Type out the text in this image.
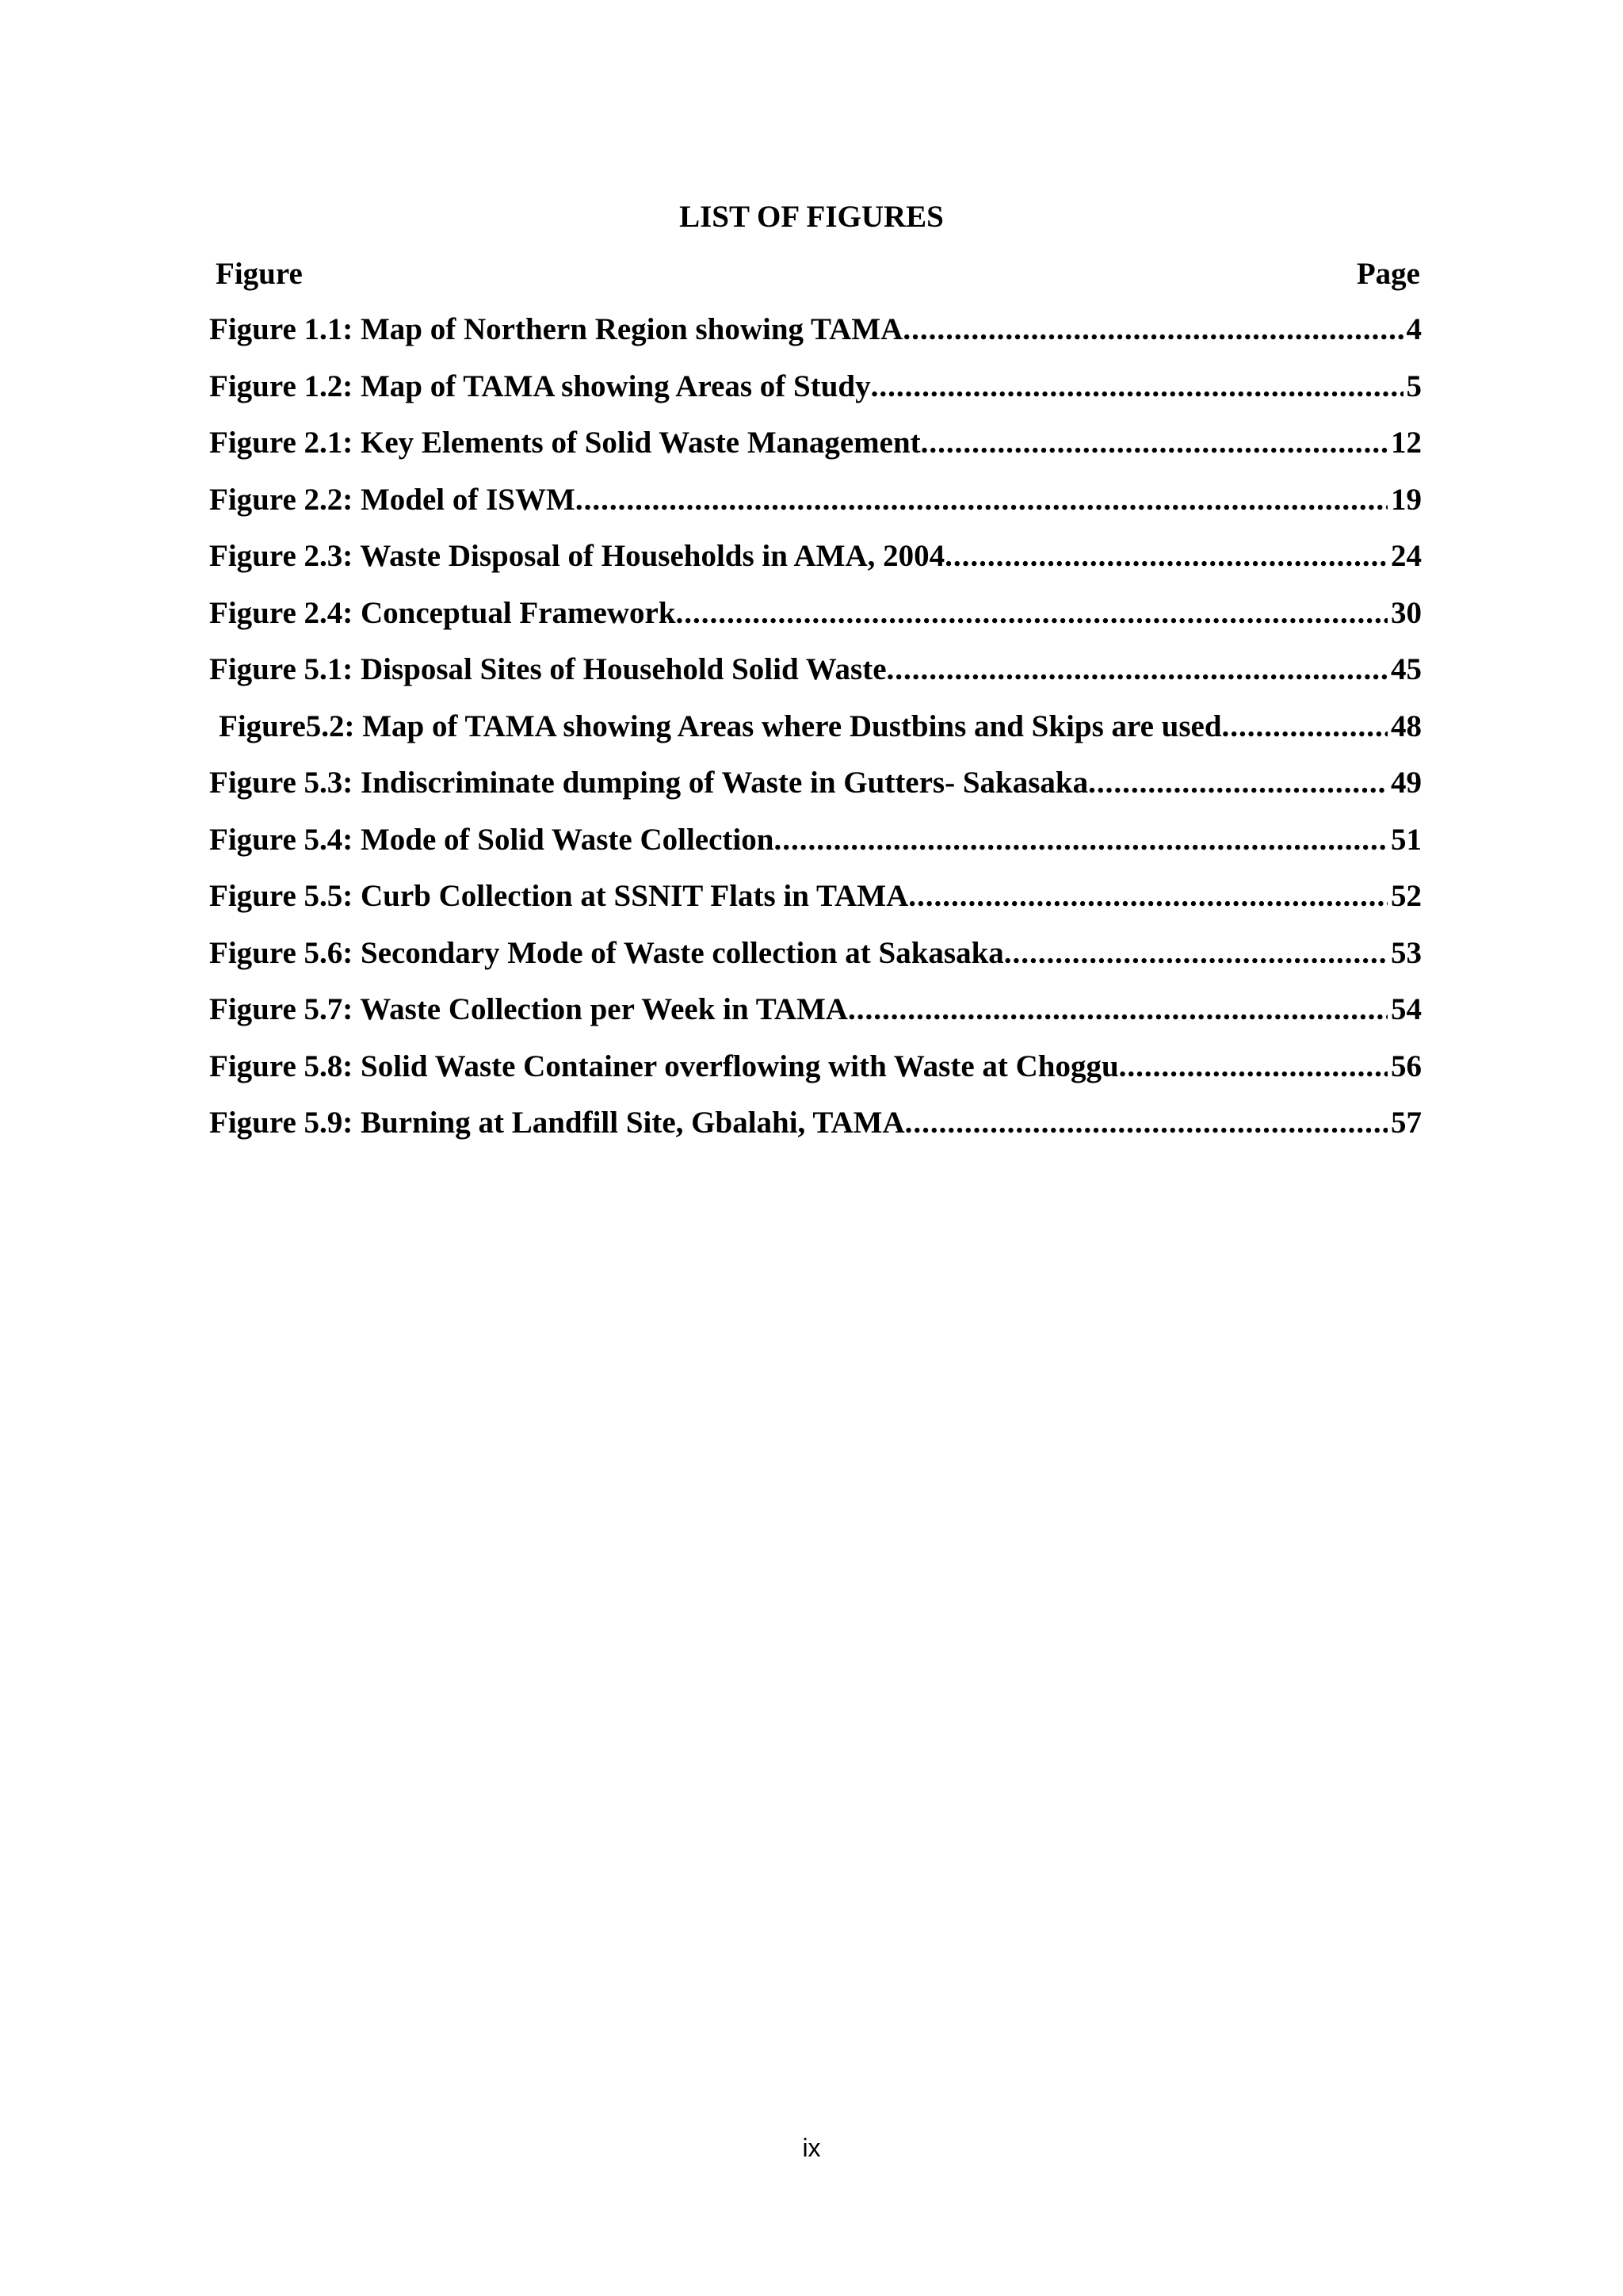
LIST OF FIGURES
Figure	Page
Figure 1.1: Map of Northern Region showing TAMA .....	4
Figure 1.2: Map of TAMA showing Areas of Study .....	5
Figure 2.1: Key Elements of Solid Waste Management .....	12
Figure 2.2: Model of ISWM .....	19
Figure 2.3: Waste Disposal of Households in AMA, 2004 .....	24
Figure 2.4: Conceptual Framework .....	30
Figure 5.1: Disposal Sites of Household Solid Waste .....	45
Figure5.2: Map of TAMA showing Areas where Dustbins and Skips are used .....	48
Figure 5.3: Indiscriminate dumping of Waste in Gutters- Sakasaka .....	49
Figure 5.4: Mode of Solid Waste Collection .....	51
Figure 5.5: Curb Collection at SSNIT Flats in TAMA .....	52
Figure 5.6: Secondary Mode of Waste collection at Sakasaka .....	53
Figure 5.7: Waste Collection per Week in TAMA .....	54
Figure 5.8: Solid Waste Container overflowing with Waste at Choggu .....	56
Figure 5.9: Burning at Landfill Site, Gbalahi, TAMA .....	57
ix
